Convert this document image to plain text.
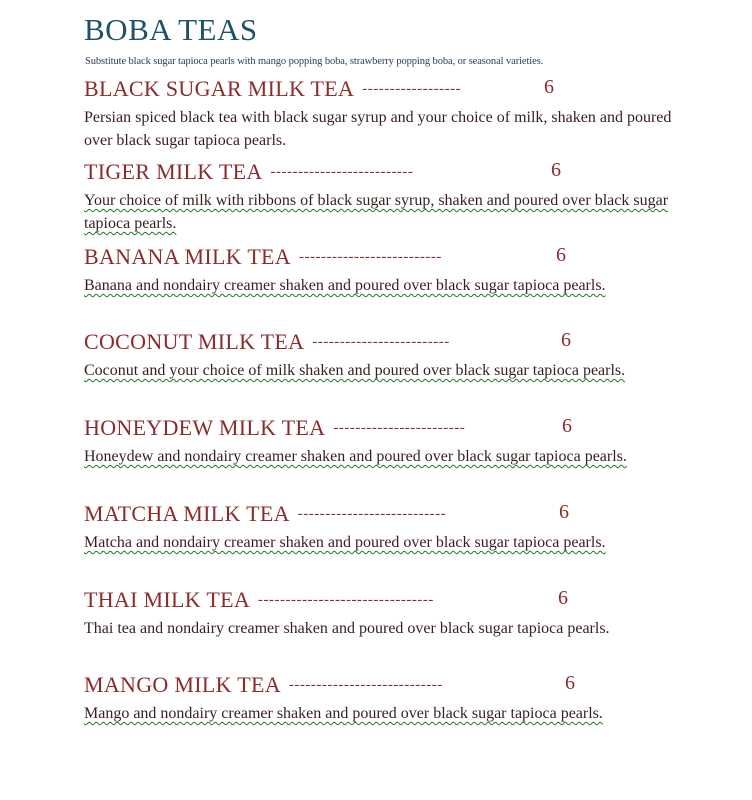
BOBA TEAS
Substitute black sugar tapioca pearls with mango popping boba, strawberry popping boba, or seasonal varieties.
BLACK SUGAR MILK TEA ------------------	6
Persian spiced black tea with black sugar syrup and your choice of milk, shaken and poured over black sugar tapioca pearls.
TIGER MILK TEA --------------------------	6
Your choice of milk with ribbons of black sugar syrup, shaken and poured over black sugar tapioca pearls.
BANANA MILK TEA --------------------------	6
Banana and nondairy creamer shaken and poured over black sugar tapioca pearls.
COCONUT MILK TEA -------------------------	6
Coconut and your choice of milk shaken and poured over black sugar tapioca pearls.
HONEYDEW MILK TEA ------------------------	6
Honeydew and nondairy creamer shaken and poured over black sugar tapioca pearls.
MATCHA MILK TEA ---------------------------	6
Matcha and nondairy creamer shaken and poured over black sugar tapioca pearls.
THAI MILK TEA --------------------------------	6
Thai tea and nondairy creamer shaken and poured over black sugar tapioca pearls.
MANGO MILK TEA ----------------------------	6
Mango and nondairy creamer shaken and poured over black sugar tapioca pearls.
